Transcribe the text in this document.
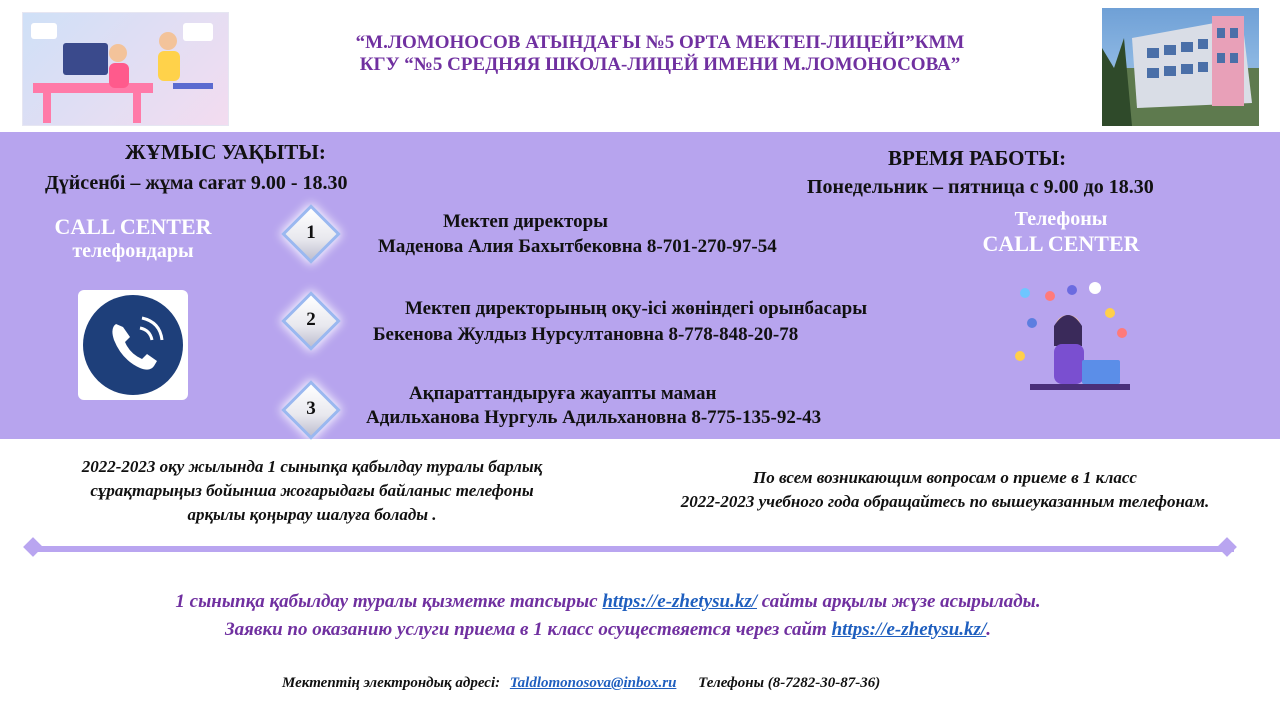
“М.ЛОМОНОСОВ АТЫНДАҒЫ №5 ОРТА МЕКТЕП-ЛИЦЕЙІ”КММ
КГУ “№5 СРЕДНЯЯ ШКОЛА-ЛИЦЕЙ ИМЕНИ М.ЛОМОНОСОВА”
ЖҰМЫС УАҚЫТЫ:
Дүйсенбі – жұма сағат 9.00 - 18.30
ВРЕМЯ РАБОТЫ:
Понедельник – пятница с 9.00 до 18.30
CALL CENTER
телефондары
1
Мектеп директоры
Маденова Алия Бахытбековна 8-701-270-97-54
2
Мектеп директорының оқу-ісі жөніндегі орынбасары
Бекенова Жулдыз Нурсултановна 8-778-848-20-78
3
Ақпараттандыруға жауапты маман
Адильханова Нургуль Адильхановна 8-775-135-92-43
Телефоны
CALL CENTER
2022-2023 оқу жылында 1 сыныпқа қабылдау туралы барлық
сұрақтарыңыз бойынша жоғарыдағы байланыс телефоны
арқылы қоңырау шалуға болады .
По всем возникающим вопросам о приеме в 1 класс
2022-2023 учебного года обращайтесь по вышеуказанным телефонам.
1 сыныпқа қабылдау туралы қызметке тапсырыс https://e-zhetysu.kz/ сайты арқылы жүзе асырылады.
Заявки по оказанию услуги приема в 1 класс осуществяется через сайт https://e-zhetysu.kz/.
Мектептің электрондық адресі: Taldlomonosova@inbox.ru Телефоны (8-7282-30-87-36)
